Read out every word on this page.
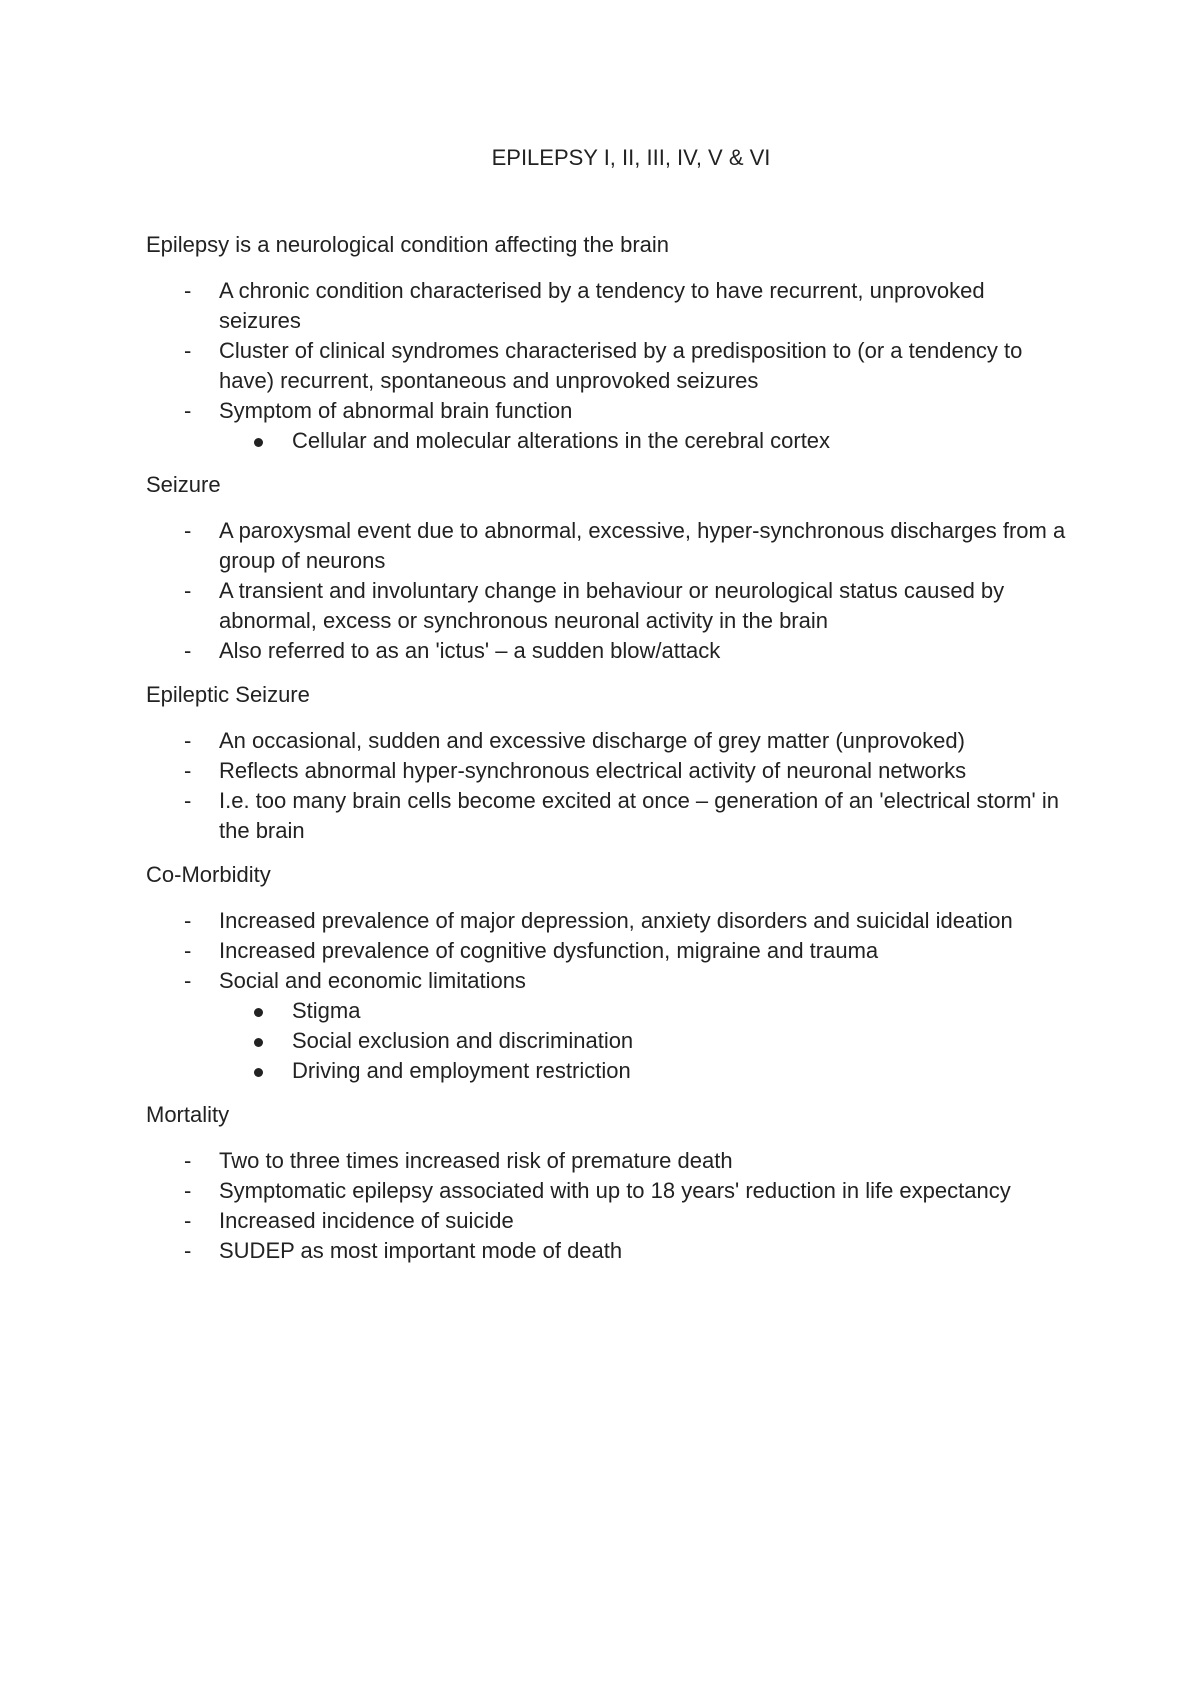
EPILEPSY I, II, III, IV, V & VI

Epilepsy is a neurological condition affecting the brain

- A chronic condition characterised by a tendency to have recurrent, unprovoked seizures
- Cluster of clinical syndromes characterised by a predisposition to (or a tendency to have) recurrent, spontaneous and unprovoked seizures
- Symptom of abnormal brain function
Cellular and molecular alterations in the cerebral cortex

Seizure

- A paroxysmal event due to abnormal, excessive, hyper-synchronous discharges from a group of neurons
- A transient and involuntary change in behaviour or neurological status caused by abnormal, excess or synchronous neuronal activity in the brain
- Also referred to as an 'ictus' – a sudden blow/attack

Epileptic Seizure

- An occasional, sudden and excessive discharge of grey matter (unprovoked)
- Reflects abnormal hyper-synchronous electrical activity of neuronal networks
- I.e. too many brain cells become excited at once – generation of an 'electrical storm' in the brain

Co-Morbidity

- Increased prevalence of major depression, anxiety disorders and suicidal ideation
- Increased prevalence of cognitive dysfunction, migraine and trauma
- Social and economic limitations
Stigma
Social exclusion and discrimination
Driving and employment restriction

Mortality

- Two to three times increased risk of premature death
- Symptomatic epilepsy associated with up to 18 years' reduction in life expectancy
- Increased incidence of suicide
- SUDEP as most important mode of death
